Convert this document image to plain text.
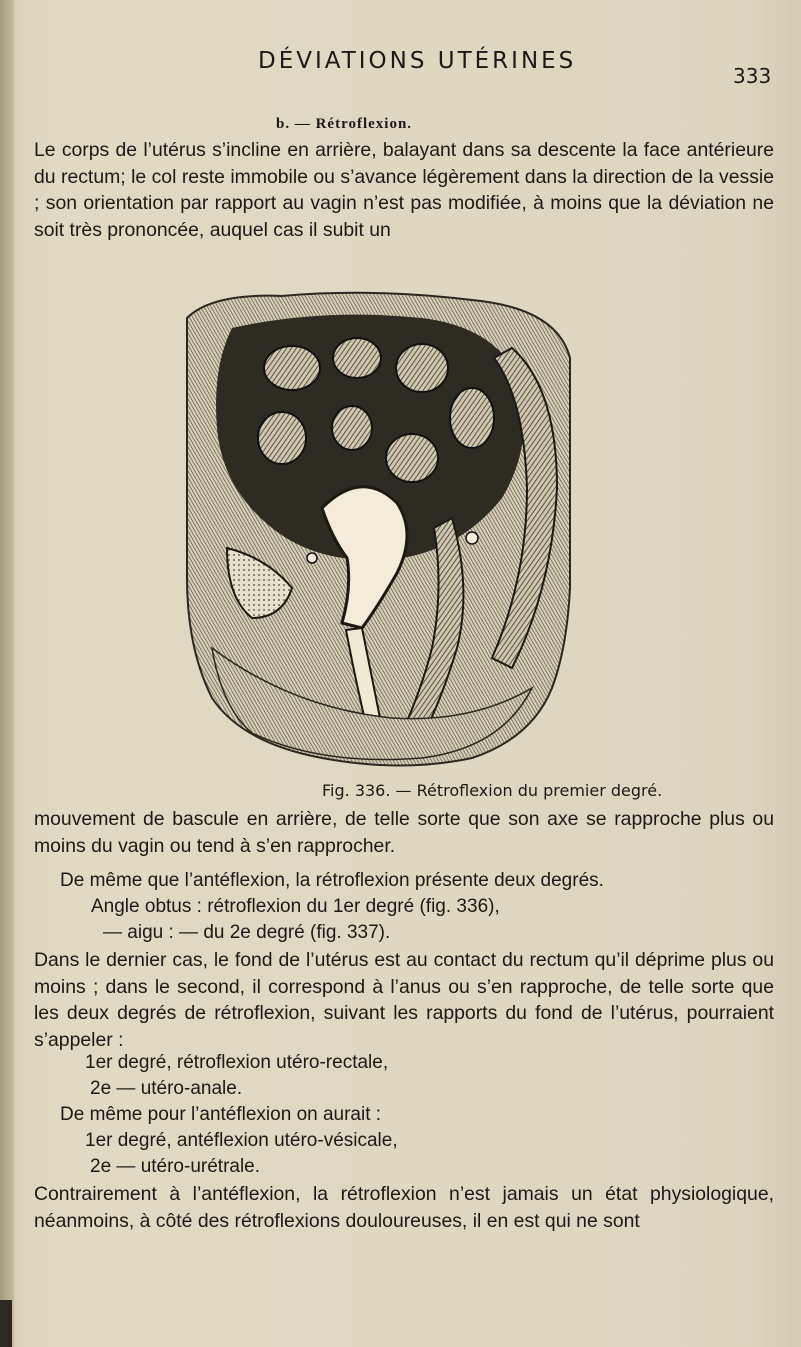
DÉVIATIONS UTÉRINES
333
b. — Rétroflexion.

Le corps de l’utérus s’incline en arrière, balayant dans sa descente la face antérieure du rectum; le col reste immobile ou s’avance légèrement dans la direction de la vessie ; son orientation par rapport au vagin n’est pas modifiée, à moins que la déviation ne soit très prononcée, auquel cas il subit un

Fig. 336. — Rétroflexion du premier degré.

mouvement de bascule en arrière, de telle sorte que son axe se rapproche plus ou moins du vagin ou tend à s’en rapprocher.

De même que l’antéflexion, la rétroflexion présente deux degrés.
Angle obtus : rétroflexion du 1er degré (fig. 336),
— aigu : — du 2e degré (fig. 337).

Dans le dernier cas, le fond de l’utérus est au contact du rectum qu’il déprime plus ou moins ; dans le second, il correspond à l’anus ou s’en rapproche, de telle sorte que les deux degrés de rétroflexion, suivant les rapports du fond de l’utérus, pourraient s’appeler :

1er degré, rétroflexion utéro-rectale,
2e — utéro-anale.
De même pour l’antéflexion on aurait :
1er degré, antéflexion utéro-vésicale,
2e — utéro-urétrale.

Contrairement à l’antéflexion, la rétroflexion n’est jamais un état physiologique, néanmoins, à côté des rétroflexions douloureuses, il en est qui ne sont
